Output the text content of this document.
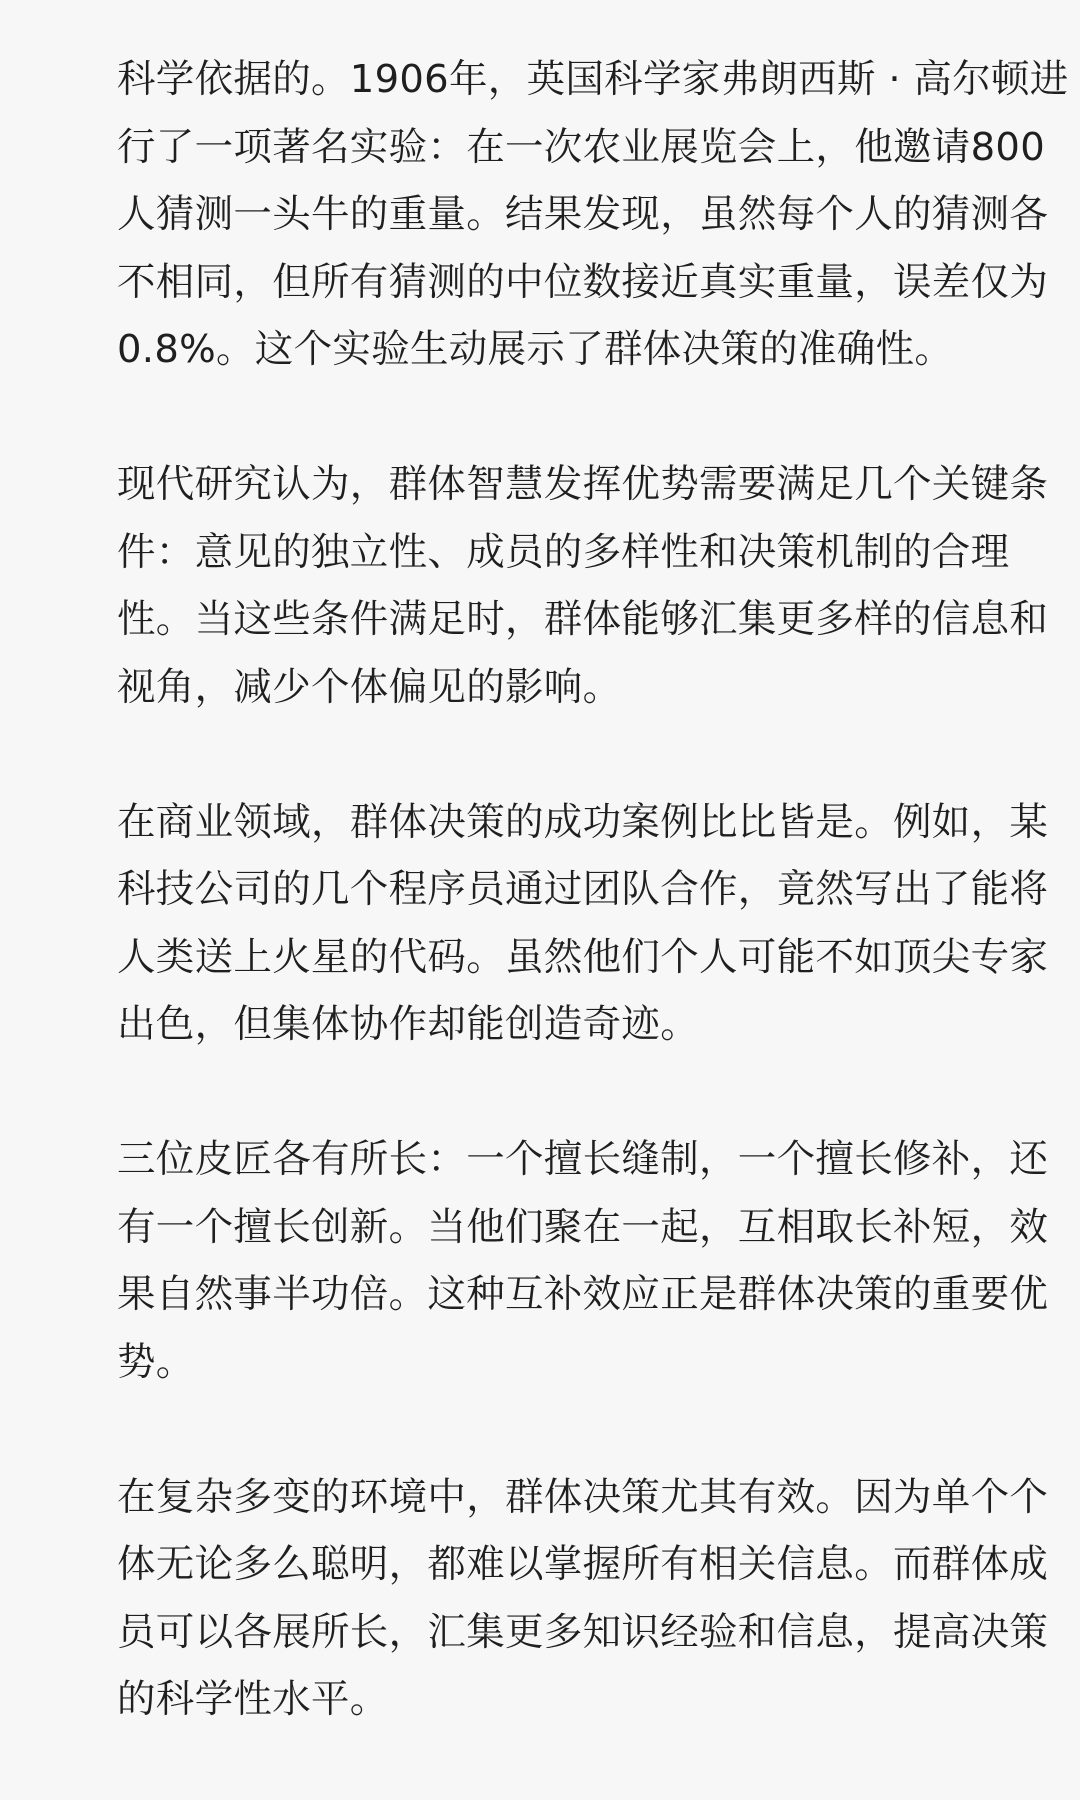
科学依据的。1906年，英国科学家弗朗西斯 · 高尔顿进
行了一项著名实验：在一次农业展览会上，他邀请800
人猜测一头牛的重量。结果发现，虽然每个人的猜测各
不相同，但所有猜测的中位数接近真实重量，误差仅为
0.8%。这个实验生动展示了群体决策的准确性。
现代研究认为，群体智慧发挥优势需要满足几个关键条
件：意见的独立性、成员的多样性和决策机制的合理
性。当这些条件满足时，群体能够汇集更多样的信息和
视角，减少个体偏见的影响。
在商业领域，群体决策的成功案例比比皆是。例如，某
科技公司的几个程序员通过团队合作，竟然写出了能将
人类送上火星的代码。虽然他们个人可能不如顶尖专家
出色，但集体协作却能创造奇迹。
三位皮匠各有所长：一个擅长缝制，一个擅长修补，还
有一个擅长创新。当他们聚在一起，互相取长补短，效
果自然事半功倍。这种互补效应正是群体决策的重要优
势。
在复杂多变的环境中，群体决策尤其有效。因为单个个
体无论多么聪明，都难以掌握所有相关信息。而群体成
员可以各展所长，汇集更多知识经验和信息，提高决策
的科学性水平。
